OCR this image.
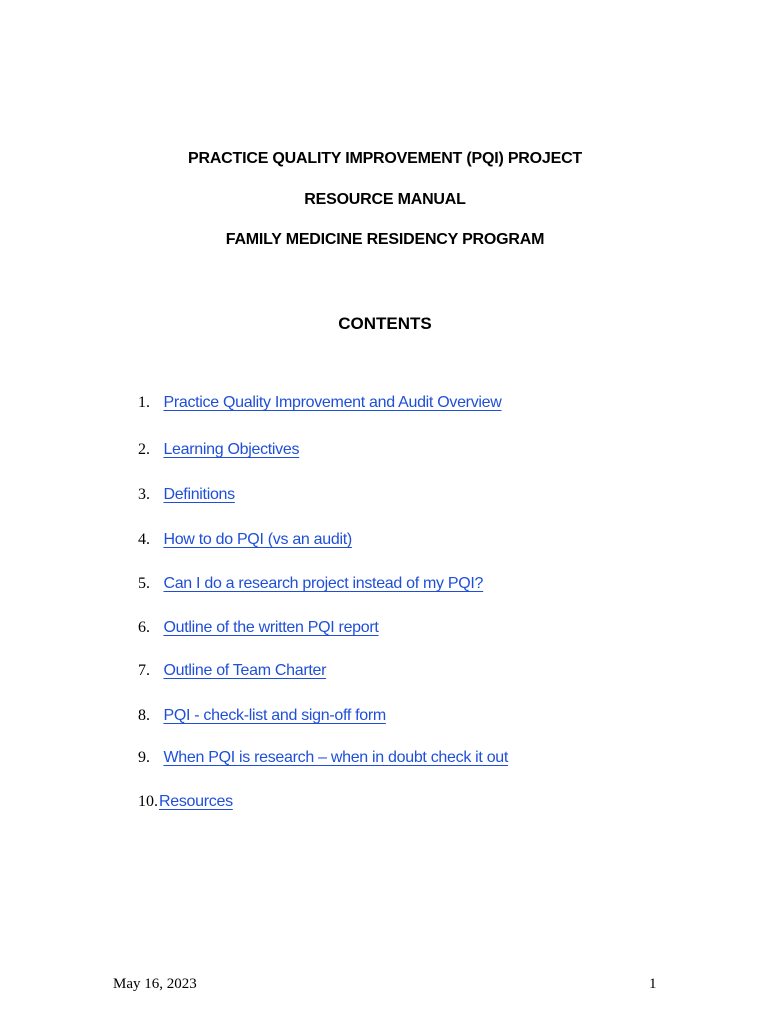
PRACTICE QUALITY IMPROVEMENT (PQI) PROJECT
RESOURCE MANUAL
FAMILY MEDICINE RESIDENCY PROGRAM
CONTENTS
1. Practice Quality Improvement and Audit Overview
2. Learning Objectives
3. Definitions
4. How to do PQI (vs an audit)
5. Can I do a research project instead of my PQI?
6. Outline of the written PQI report
7. Outline of Team Charter
8. PQI - check-list and sign-off form
9. When PQI is research – when in doubt check it out
10.Resources
May 16, 2023	1
